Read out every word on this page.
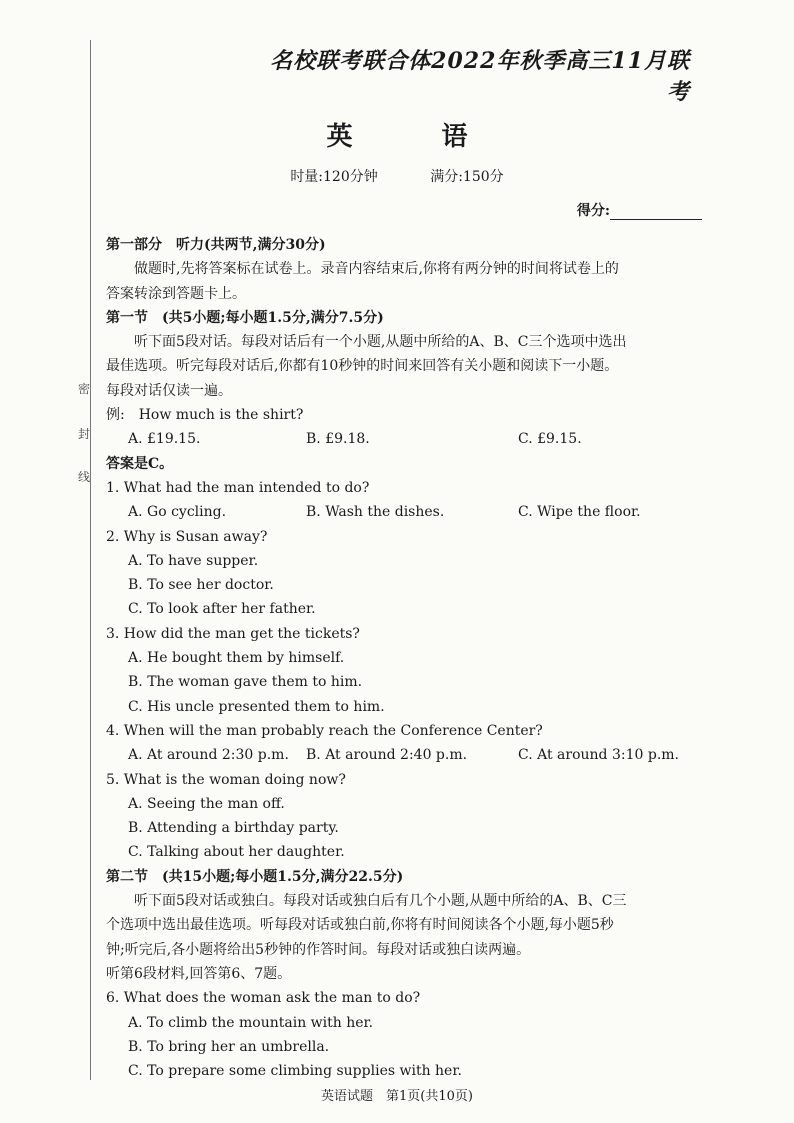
密
封
线
名校联考联合体2022年秋季高三11月联考
英 语
时量:120分钟	满分:150分
得分:
第一部分　听力(共两节,满分30分)
做题时,先将答案标在试卷上。录音内容结束后,你将有两分钟的时间将试卷上的
答案转涂到答题卡上。
第一节　(共5小题;每小题1.5分,满分7.5分)
听下面5段对话。每段对话后有一个小题,从题中所给的A、B、C三个选项中选出
最佳选项。听完每段对话后,你都有10秒钟的时间来回答有关小题和阅读下一小题。
每段对话仅读一遍。
例:　How much is the shirt?
A. £19.15.	B. £9.18.	C. £9.15.
答案是C。
1. What had the man intended to do?
A. Go cycling.	B. Wash the dishes.	C. Wipe the floor.
2. Why is Susan away?
A. To have supper.
B. To see her doctor.
C. To look after her father.
3. How did the man get the tickets?
A. He bought them by himself.
B. The woman gave them to him.
C. His uncle presented them to him.
4. When will the man probably reach the Conference Center?
A. At around 2:30 p.m.	B. At around 2:40 p.m.	C. At around 3:10 p.m.
5. What is the woman doing now?
A. Seeing the man off.
B. Attending a birthday party.
C. Talking about her daughter.
第二节　(共15小题;每小题1.5分,满分22.5分)
听下面5段对话或独白。每段对话或独白后有几个小题,从题中所给的A、B、C三
个选项中选出最佳选项。听每段对话或独白前,你将有时间阅读各个小题,每小题5秒
钟;听完后,各小题将给出5秒钟的作答时间。每段对话或独白读两遍。
听第6段材料,回答第6、7题。
6. What does the woman ask the man to do?
A. To climb the mountain with her.
B. To bring her an umbrella.
C. To prepare some climbing supplies with her.
英语试题　第1页(共10页)
